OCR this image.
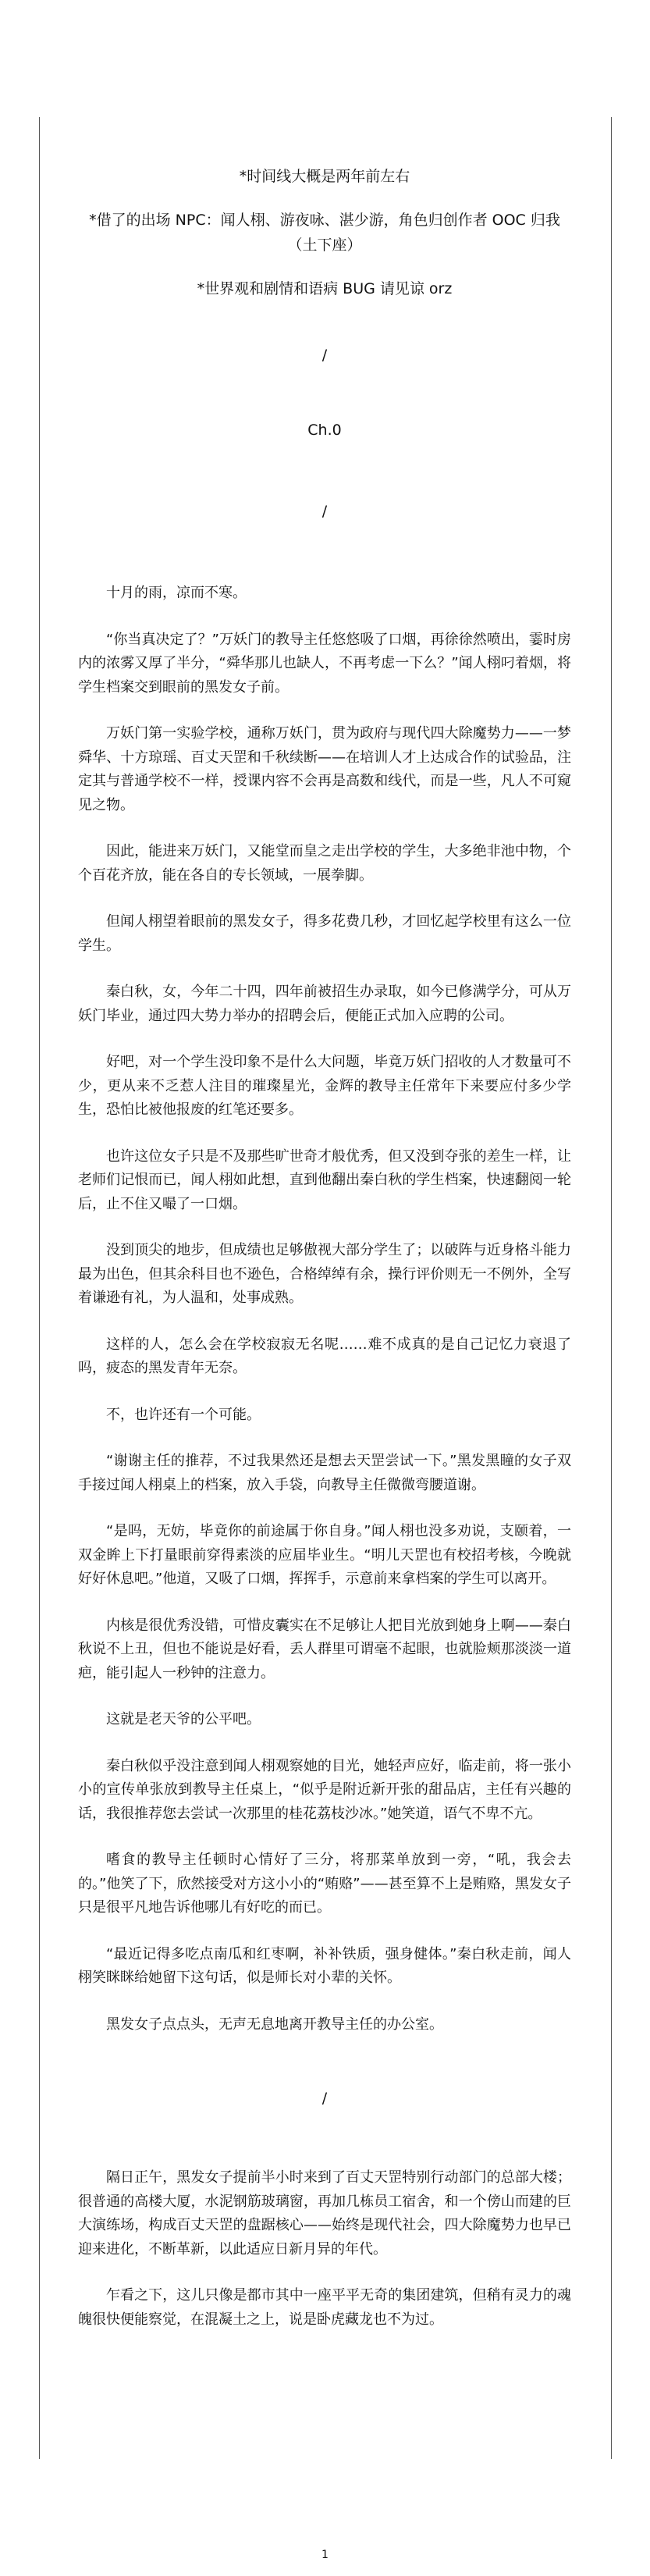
*时间线大概是两年前左右

*借了的出场 NPC：闻人栩、游夜咏、湛少游，角色归创作者 OOC 归我（土下座）

*世界观和剧情和语病 BUG 请见谅 orz

/

Ch.0

/

十月的雨，凉而不寒。

“你当真决定了？”万妖门的教导主任悠悠吸了口烟，再徐徐然喷出，霎时房内的浓雾又厚了半分，“舜华那儿也缺人，不再考虑一下么？”闻人栩叼着烟，将学生档案交到眼前的黑发女子前。

万妖门第一实验学校，通称万妖门，贯为政府与现代四大除魔势力——一梦舜华、十方琼瑶、百丈天罡和千秋续断——在培训人才上达成合作的试验品，注定其与普通学校不一样，授课内容不会再是高数和线代，而是一些，凡人不可窥见之物。

因此，能进来万妖门，又能堂而皇之走出学校的学生，大多绝非池中物，个个百花齐放，能在各自的专长领域，一展拳脚。

但闻人栩望着眼前的黑发女子，得多花费几秒，才回忆起学校里有这么一位学生。

秦白秋，女，今年二十四，四年前被招生办录取，如今已修满学分，可从万妖门毕业，通过四大势力举办的招聘会后，便能正式加入应聘的公司。

好吧，对一个学生没印象不是什么大问题，毕竟万妖门招收的人才数量可不少，更从来不乏惹人注目的璀璨星光，金辉的教导主任常年下来要应付多少学生，恐怕比被他报废的红笔还要多。

也许这位女子只是不及那些旷世奇才般优秀，但又没到夺张的差生一样，让老师们记恨而已，闻人栩如此想，直到他翻出秦白秋的学生档案，快速翻阅一轮后，止不住又嘬了一口烟。

没到顶尖的地步，但成绩也足够傲视大部分学生了；以破阵与近身格斗能力最为出色，但其余科目也不逊色，合格绰绰有余，操行评价则无一不例外，全写着谦逊有礼，为人温和，处事成熟。

这样的人，怎么会在学校寂寂无名呢……难不成真的是自己记忆力衰退了吗，疲态的黑发青年无奈。

不，也许还有一个可能。

“谢谢主任的推荐，不过我果然还是想去天罡尝试一下。”黑发黑瞳的女子双手接过闻人栩桌上的档案，放入手袋，向教导主任微微弯腰道谢。

“是吗，无妨，毕竟你的前途属于你自身。”闻人栩也没多劝说，支颐着，一双金眸上下打量眼前穿得素淡的应届毕业生。“明儿天罡也有校招考核，今晚就好好休息吧。”他道，又吸了口烟，挥挥手，示意前来拿档案的学生可以离开。

内核是很优秀没错，可惜皮囊实在不足够让人把目光放到她身上啊——秦白秋说不上丑，但也不能说是好看，丢人群里可谓毫不起眼，也就脸颊那淡淡一道疤，能引起人一秒钟的注意力。

这就是老天爷的公平吧。

秦白秋似乎没注意到闻人栩观察她的目光，她轻声应好，临走前，将一张小小的宣传单张放到教导主任桌上，“似乎是附近新开张的甜品店，主任有兴趣的话，我很推荐您去尝试一次那里的桂花荔枝沙冰。”她笑道，语气不卑不亢。

嗜食的教导主任顿时心情好了三分，将那菜单放到一旁，“吼，我会去的。”他笑了下，欣然接受对方这小小的“贿赂”——甚至算不上是贿赂，黑发女子只是很平凡地告诉他哪儿有好吃的而已。

“最近记得多吃点南瓜和红枣啊，补补铁质，强身健体。”秦白秋走前，闻人栩笑眯眯给她留下这句话，似是师长对小辈的关怀。

黑发女子点点头，无声无息地离开教导主任的办公室。

/

隔日正午，黑发女子提前半小时来到了百丈天罡特别行动部门的总部大楼；很普通的高楼大厦，水泥钢筋玻璃窗，再加几栋员工宿舍，和一个傍山而建的巨大演练场，构成百丈天罡的盘踞核心——始终是现代社会，四大除魔势力也早已迎来进化，不断革新，以此适应日新月异的年代。

乍看之下，这儿只像是都市其中一座平平无奇的集团建筑，但稍有灵力的魂魄很快便能察觉，在混凝土之上，说是卧虎藏龙也不为过。

1
